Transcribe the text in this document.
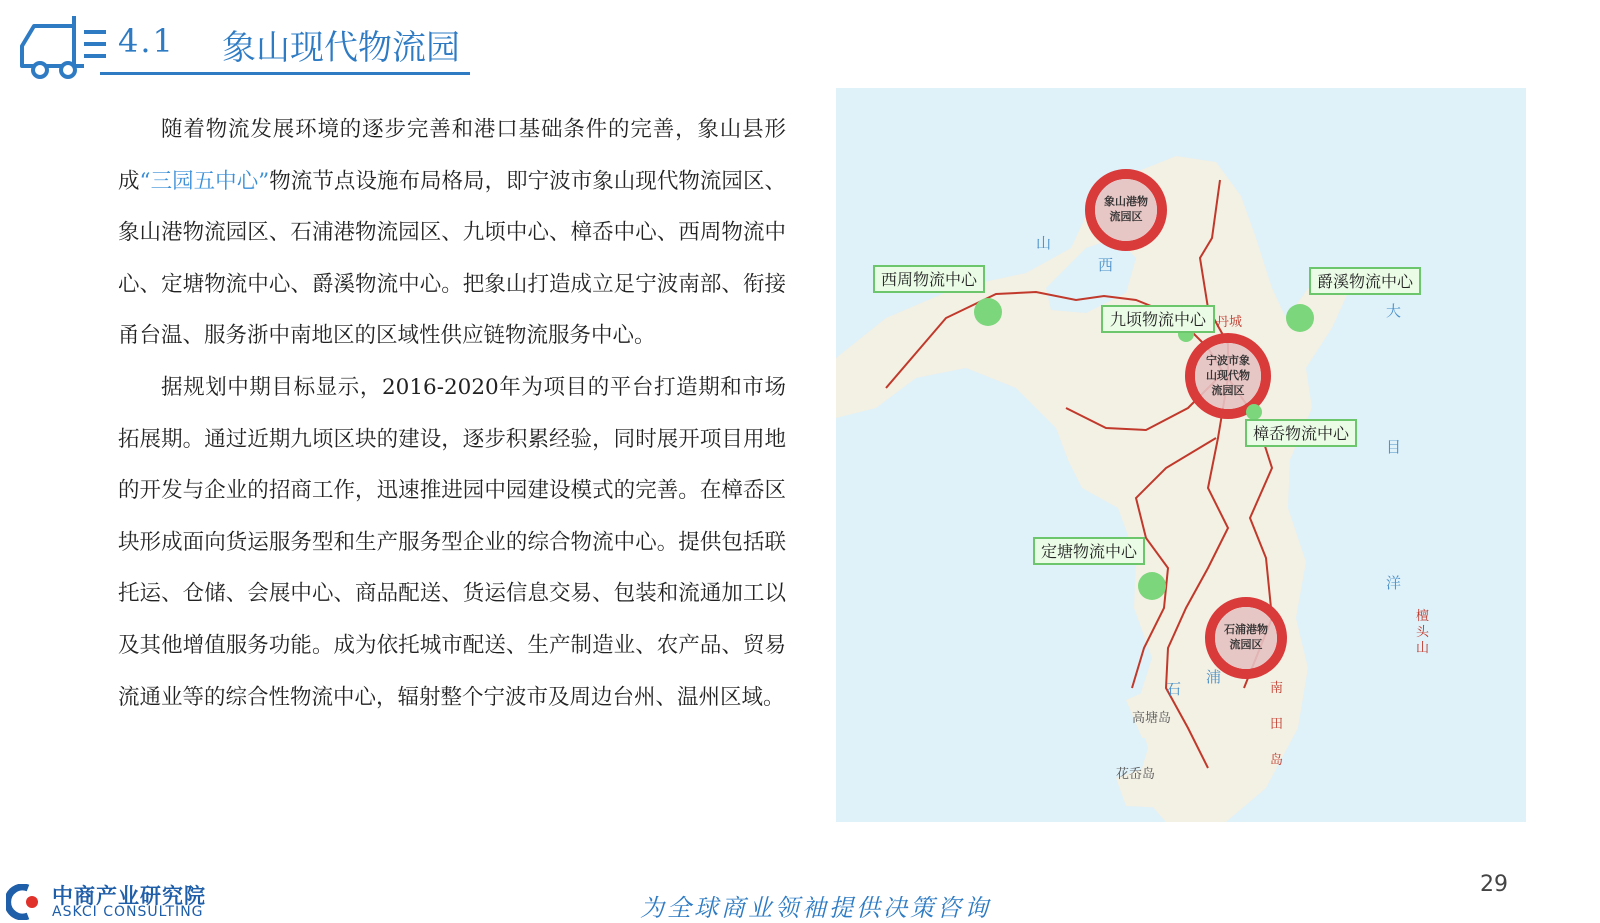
4.1 象山现代物流园

随着物流发展环境的逐步完善和港口基础条件的完善，象山县形成“三园五中心”物流节点设施布局格局，即宁波市象山现代物流园区、象山港物流园区、石浦港物流园区、九顷中心、樟岙中心、西周物流中心、定塘物流中心、爵溪物流中心。把象山打造成立足宁波南部、衔接甬台温、服务浙中南地区的区域性供应链物流服务中心。

据规划中期目标显示，2016-2020年为项目的平台打造期和市场拓展期。通过近期九顷区块的建设，逐步积累经验，同时展开项目用地的开发与企业的招商工作，迅速推进园中园建设模式的完善。在樟岙区块形成面向货运服务型和生产服务型企业的综合物流中心。提供包括联托运、仓储、会展中心、商品配送、货运信息交易、包装和流通加工以及其他增值服务功能。成为依托城市配送、生产制造业、农产品、贸易流通业等的综合性物流中心，辐射整个宁波市及周边台州、温州区域。

象山港物
流园区
宁波市象
山现代物
流园区
石浦港物
流园区
西周物流中心	爵溪物流中心
九顷物流中心 丹城
樟岙物流中心
定塘物流中心
山
西
大
目
洋
石
浦
高塘岛
花岙岛
南
田
岛
檀
头
山
中商产业研究院
ASKCI CONSULTING	为全球商业领袖提供决策咨询
29
